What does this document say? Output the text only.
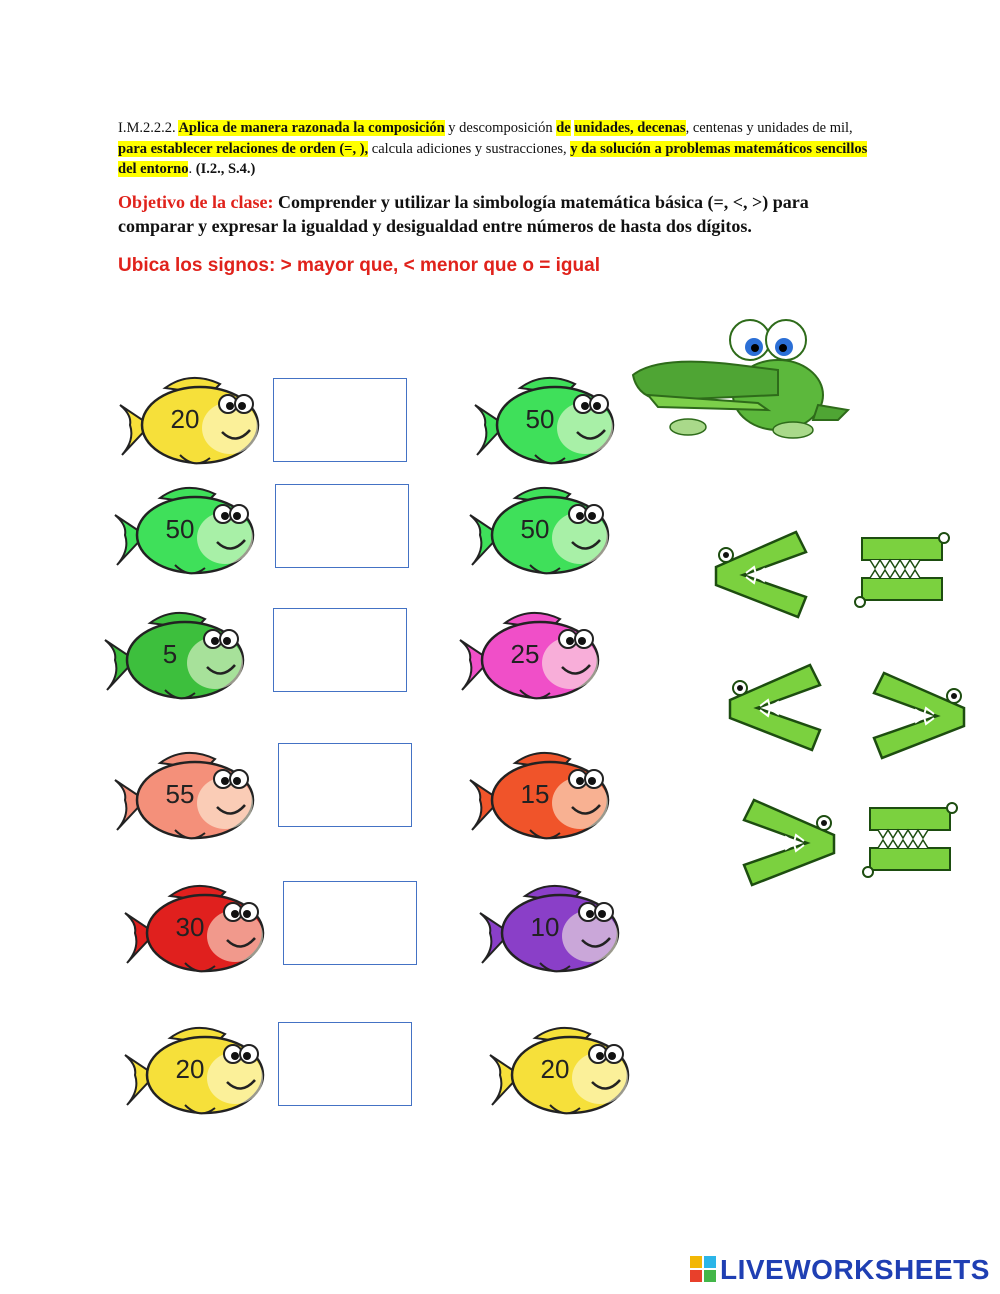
I.M.2.2.2. Aplica de manera razonada la composición y descomposición de unidades, decenas, centenas y unidades de mil, para establecer relaciones de orden (=, ), calcula adiciones y sustracciones, y da solución a problemas matemáticos sencillos del entorno. (I.2., S.4.)
Objetivo de la clase: Comprender y utilizar la simbología matemática básica (=, <, >) para comparar y expresar la igualdad y desigualdad entre números de hasta dos dígitos.
Ubica los signos: > mayor que, < menor que o = igual
20	50
50	50
5	25
55	15
30	10
20	20
LIVEWORKSHEETS
